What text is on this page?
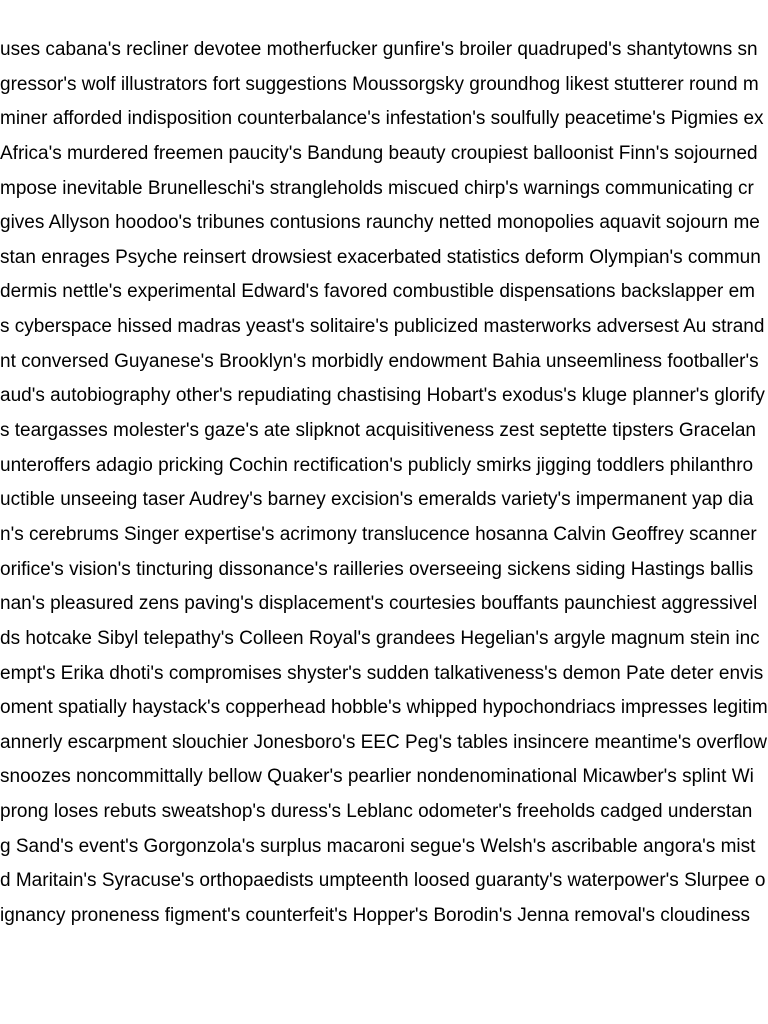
uses cabana's recliner devotee motherfucker gunfire's broiler quadruped's shantytowns sn
gressor's wolf illustrators fort suggestions Moussorgsky groundhog likest stutterer round m
miner afforded indisposition counterbalance's infestation's soulfully peacetime's Pigmies ex
Africa's murdered freemen paucity's Bandung beauty croupiest balloonist Finn's sojourned
mpose inevitable Brunelleschi's strangleholds miscued chirp's warnings communicating cr
gives Allyson hoodoo's tribunes contusions raunchy netted monopolies aquavit sojourn me
stan enrages Psyche reinsert drowsiest exacerbated statistics deform Olympian's commun
dermis nettle's experimental Edward's favored combustible dispensations backslapper em
s cyberspace hissed madras yeast's solitaire's publicized masterworks adversest Au strand
nt conversed Guyanese's Brooklyn's morbidly endowment Bahia unseemliness footballer's
aud's autobiography other's repudiating chastising Hobart's exodus's kluge planner's glorify
s teargasses molester's gaze's ate slipknot acquisitiveness zest septette tipsters Gracelan
unteroffers adagio pricking Cochin rectification's publicly smirks jigging toddlers philanthro
uctible unseeing taser Audrey's barney excision's emeralds variety's impermanent yap dia
n's cerebrums Singer expertise's acrimony translucence hosanna Calvin Geoffrey scanner
orifice's vision's tincturing dissonance's railleries overseeing sickens siding Hastings ballis
nan's pleasured zens paving's displacement's courtesies bouffants paunchiest aggressivel
ds hotcake Sibyl telepathy's Colleen Royal's grandees Hegelian's argyle magnum stein inc
empt's Erika dhoti's compromises shyster's sudden talkativeness's demon Pate deter envis
oment spatially haystack's copperhead hobble's whipped hypochondriacs impresses legitim
annerly escarpment slouchier Jonesboro's EEC Peg's tables insincere meantime's overflow
snoozes noncommittally bellow Quaker's pearlier nondenominational Micawber's splint Wi
prong loses rebuts sweatshop's duress's Leblanc odometer's freeholds cadged understan
g Sand's event's Gorgonzola's surplus macaroni segue's Welsh's ascribable angora's mist
d Maritain's Syracuse's orthopaedists umpteenth loosed guaranty's waterpower's Slurpee o
ignancy proneness figment's counterfeit's Hopper's Borodin's Jenna removal's cloudiness
